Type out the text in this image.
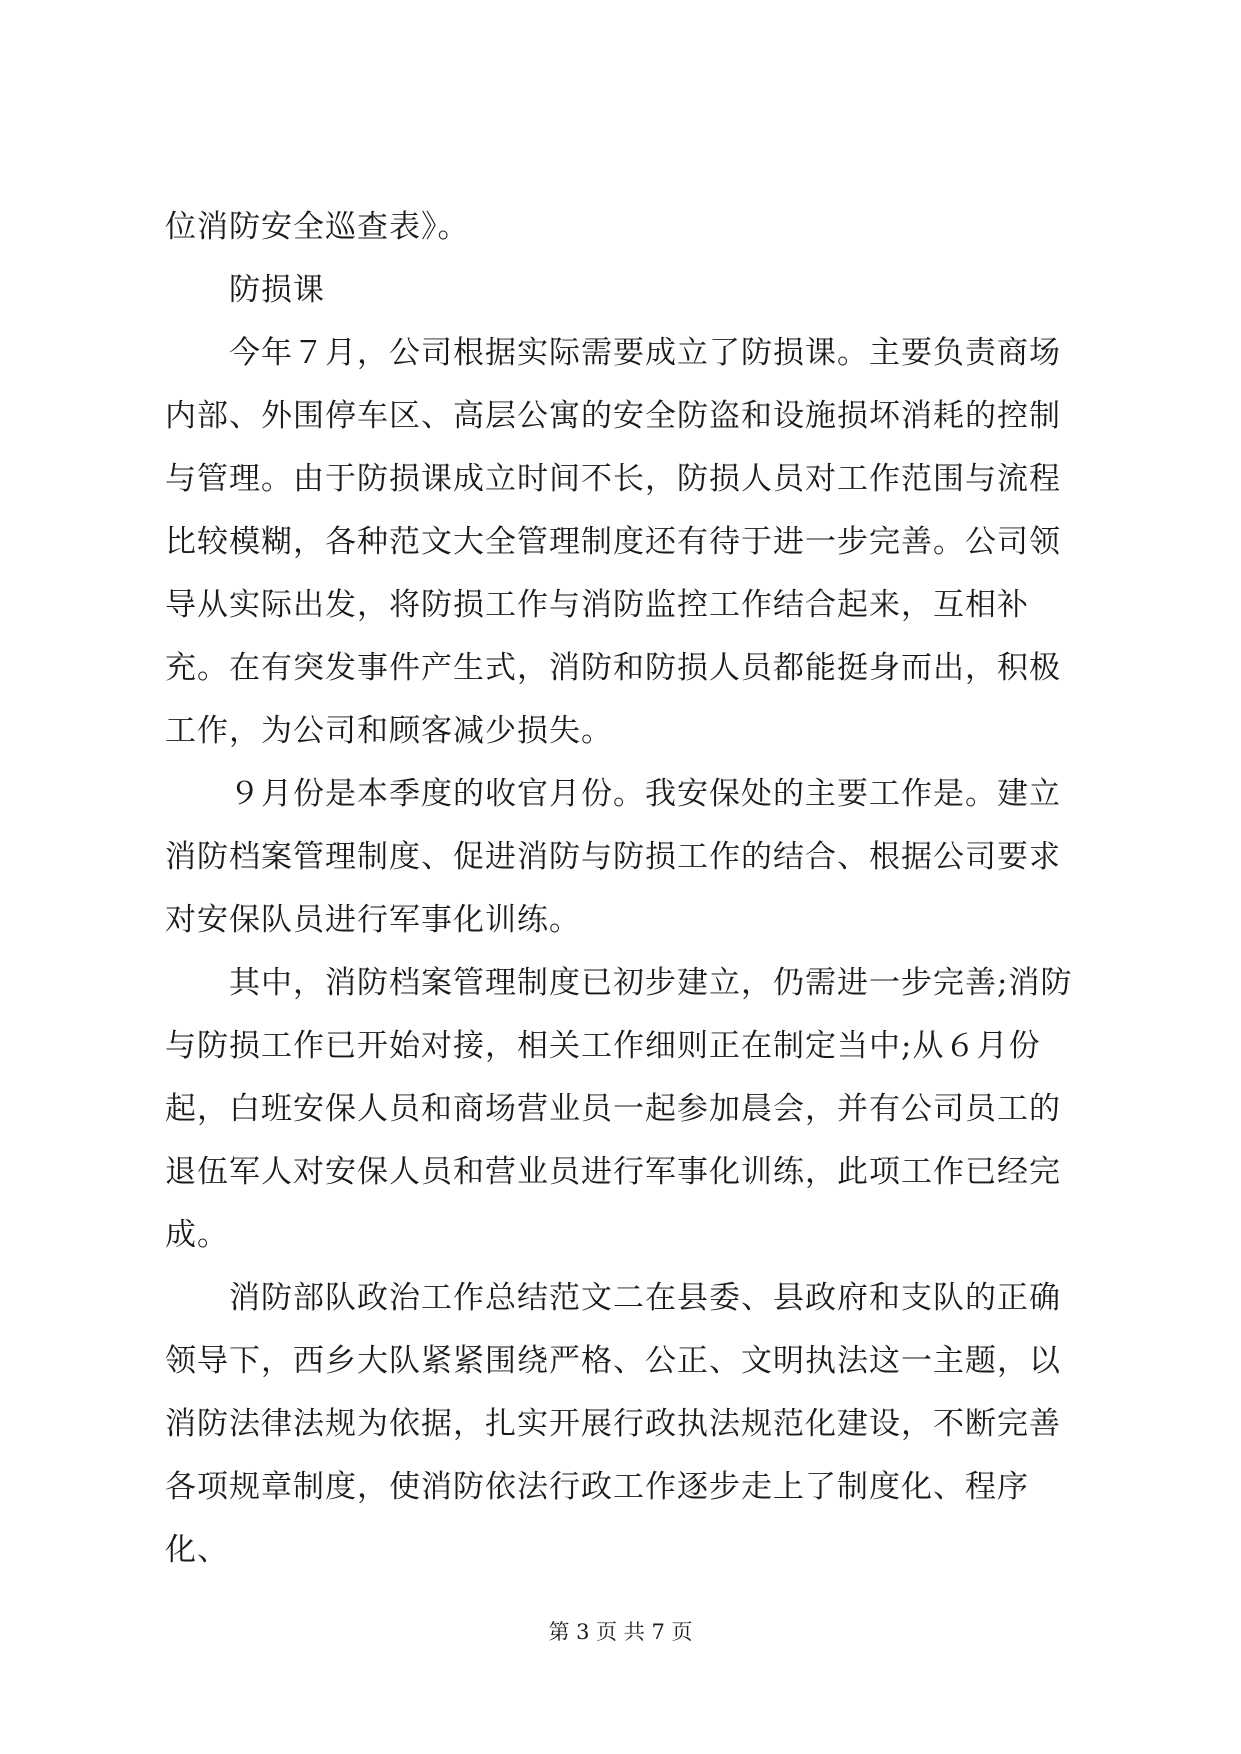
位消防安全巡查表》。

防损课

今年７月，公司根据实际需要成立了防损课。主要负责商场内部、外围停车区、高层公寓的安全防盗和设施损坏消耗的控制与管理。由于防损课成立时间不长，防损人员对工作范围与流程比较模糊，各种范文大全管理制度还有待于进一步完善。公司领导从实际出发，将防损工作与消防监控工作结合起来，互相补充。在有突发事件产生式，消防和防损人员都能挺身而出，积极工作，为公司和顾客减少损失。

９月份是本季度的收官月份。我安保处的主要工作是。建立消防档案管理制度、促进消防与防损工作的结合、根据公司要求对安保队员进行军事化训练。

其中，消防档案管理制度已初步建立，仍需进一步完善;消防与防损工作已开始对接，相关工作细则正在制定当中;从６月份起，白班安保人员和商场营业员一起参加晨会，并有公司员工的退伍军人对安保人员和营业员进行军事化训练，此项工作已经完成。

消防部队政治工作总结范文二在县委、县政府和支队的正确领导下，西乡大队紧紧围绕严格、公正、文明执法这一主题，以消防法律法规为依据，扎实开展行政执法规范化建设，不断完善各项规章制度，使消防依法行政工作逐步走上了制度化、程序化、

第 3 页 共 7 页
